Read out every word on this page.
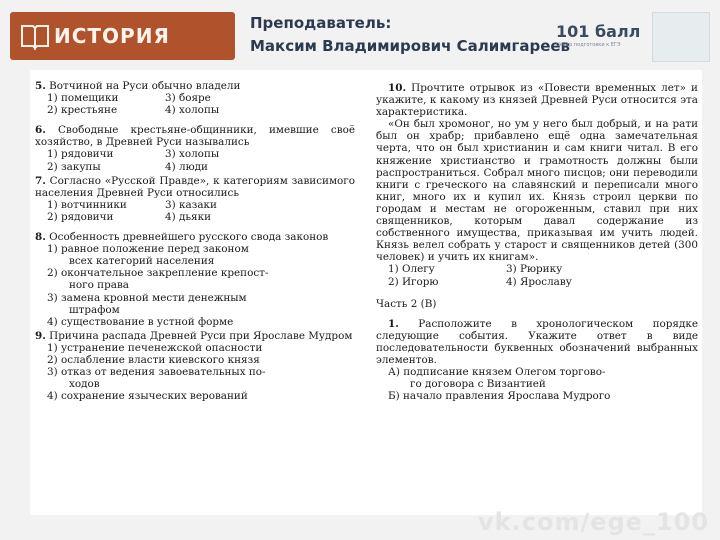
ИСТОРИЯ
Преподаватель:
Максим Владимирович Салимгареев
101 балл
Центр подготовки к ЕГЭ
5. Вотчиной на Руси обычно владели
1) помещики	3) бояре
2) крестьяне	4) холопы
6. Свободные крестьяне-общинники, имевшие своё хозяйство, в Древней Руси назывались
1) рядовичи	3) холопы
2) закупы	4) люди
7. Согласно «Русской Правде», к категориям зависимого населения Древней Руси относились
1) вотчинники	3) казаки
2) рядовичи	4) дьяки
8. Особенность древнейшего русского свода законов
1) равное положение перед законом
всех категорий населения
2) окончательное закрепление крепост-
ного права
3) замена кровной мести денежным
штрафом
4) существование в устной форме
9. Причина распада Древней Руси при Ярославе Мудром
1) устранение печенежской опасности
2) ослабление власти киевского князя
3) отказ от ведения завоевательных по-
ходов
4) сохранение языческих верований
10. Прочтите отрывок из «Повести временных лет» и укажите, к какому из князей Древней Руси относится эта характеристика.
«Он был хромоног, но ум у него был добрый, и на рати был он храбр; прибавлено ещё одна замечательная черта, что он был христианин и сам книги читал. В его княжение христианство и грамотность должны были распространиться. Собрал много писцов; они переводили книги с греческого на славянский и переписали много книг, много их и купил их. Князь строил церкви по городам и местам не огороженным, ставил при них священников, которым давал содержание из собственного имущества, приказывая им учить людей. Князь велел собрать у старост и священников детей (300 человек) и учить их книгам».
1) Олегу	3) Рюрику
2) Игорю	4) Ярославу
Часть 2 (B)
1. Расположите в хронологическом порядке следующие события. Укажите ответ в виде последовательности буквенных обозначений выбранных элементов.
А) подписание князем Олегом торгово-
го договора с Византией
Б) начало правления Ярослава Мудрого
vk.com/ege_100
